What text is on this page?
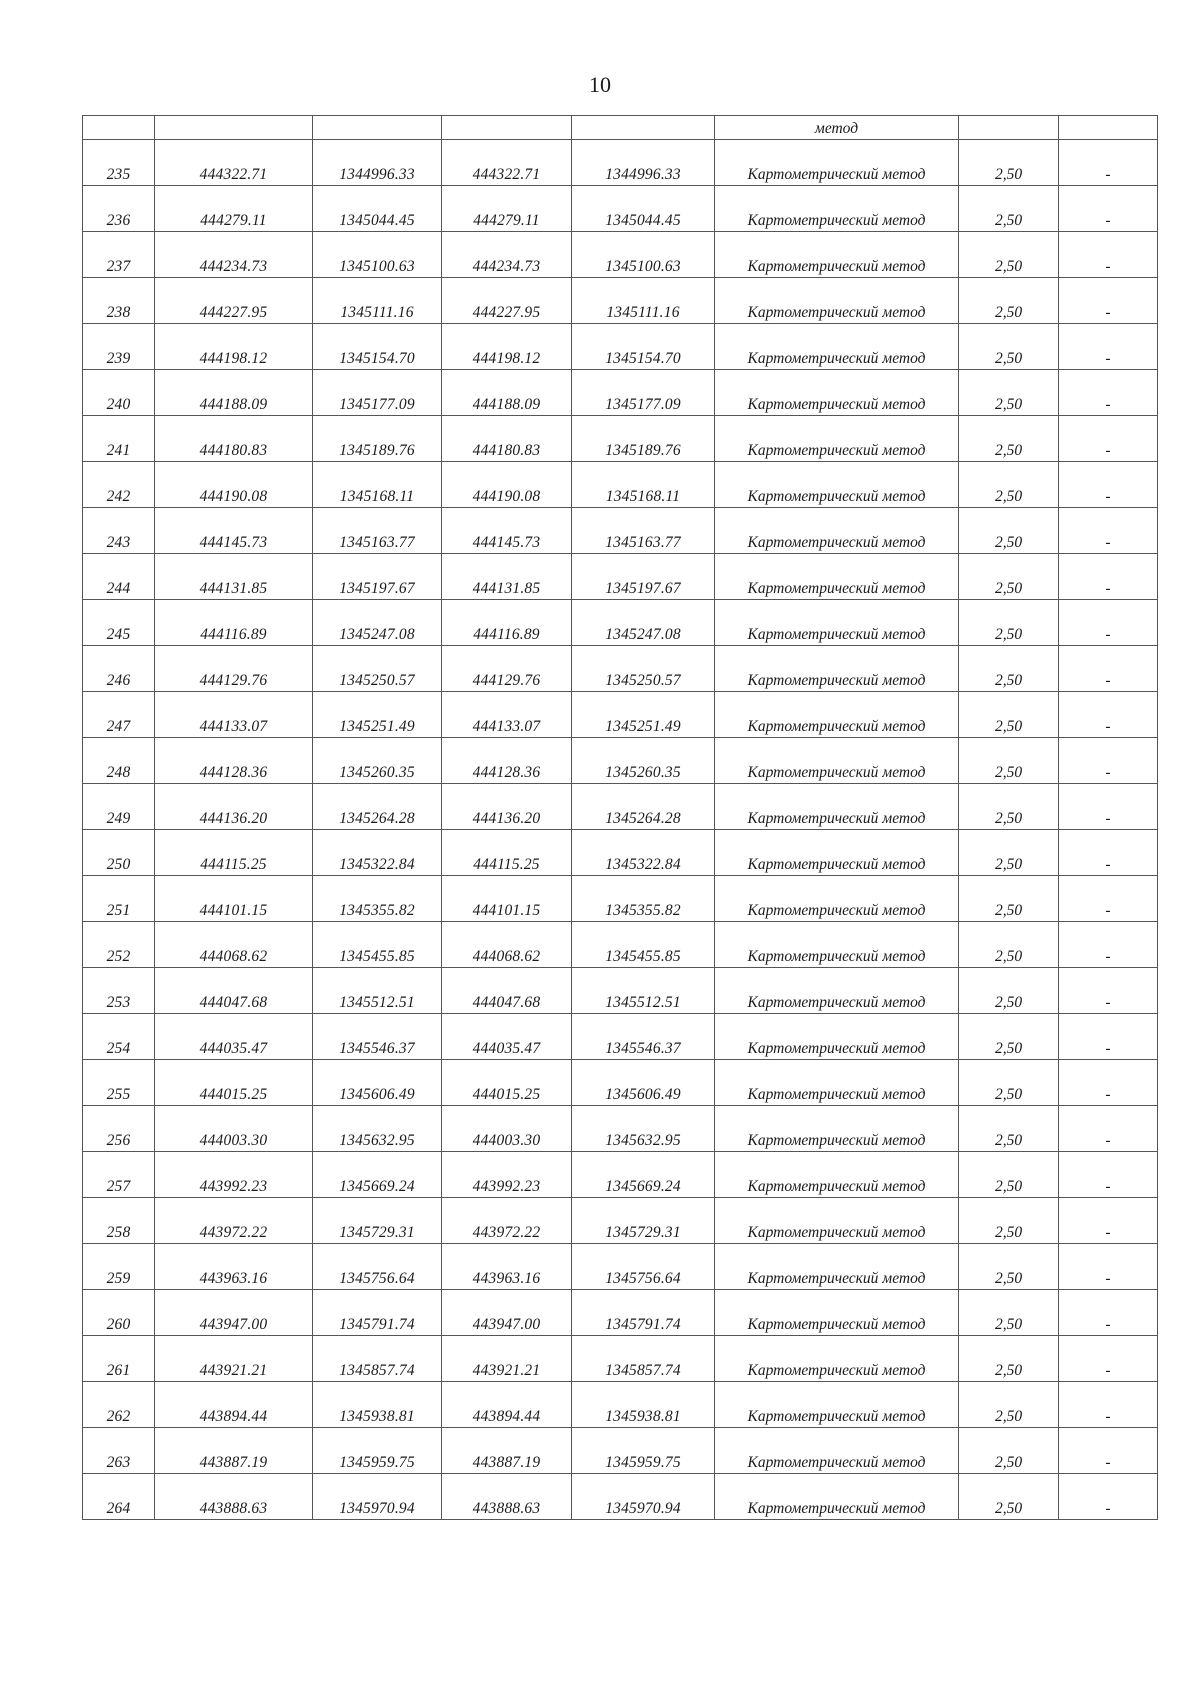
10
					метод		
235	444322.71	1344996.33	444322.71	1344996.33	Картометрический метод	2,50	-
236	444279.11	1345044.45	444279.11	1345044.45	Картометрический метод	2,50	-
237	444234.73	1345100.63	444234.73	1345100.63	Картометрический метод	2,50	-
238	444227.95	1345111.16	444227.95	1345111.16	Картометрический метод	2,50	-
239	444198.12	1345154.70	444198.12	1345154.70	Картометрический метод	2,50	-
240	444188.09	1345177.09	444188.09	1345177.09	Картометрический метод	2,50	-
241	444180.83	1345189.76	444180.83	1345189.76	Картометрический метод	2,50	-
242	444190.08	1345168.11	444190.08	1345168.11	Картометрический метод	2,50	-
243	444145.73	1345163.77	444145.73	1345163.77	Картометрический метод	2,50	-
244	444131.85	1345197.67	444131.85	1345197.67	Картометрический метод	2,50	-
245	444116.89	1345247.08	444116.89	1345247.08	Картометрический метод	2,50	-
246	444129.76	1345250.57	444129.76	1345250.57	Картометрический метод	2,50	-
247	444133.07	1345251.49	444133.07	1345251.49	Картометрический метод	2,50	-
248	444128.36	1345260.35	444128.36	1345260.35	Картометрический метод	2,50	-
249	444136.20	1345264.28	444136.20	1345264.28	Картометрический метод	2,50	-
250	444115.25	1345322.84	444115.25	1345322.84	Картометрический метод	2,50	-
251	444101.15	1345355.82	444101.15	1345355.82	Картометрический метод	2,50	-
252	444068.62	1345455.85	444068.62	1345455.85	Картометрический метод	2,50	-
253	444047.68	1345512.51	444047.68	1345512.51	Картометрический метод	2,50	-
254	444035.47	1345546.37	444035.47	1345546.37	Картометрический метод	2,50	-
255	444015.25	1345606.49	444015.25	1345606.49	Картометрический метод	2,50	-
256	444003.30	1345632.95	444003.30	1345632.95	Картометрический метод	2,50	-
257	443992.23	1345669.24	443992.23	1345669.24	Картометрический метод	2,50	-
258	443972.22	1345729.31	443972.22	1345729.31	Картометрический метод	2,50	-
259	443963.16	1345756.64	443963.16	1345756.64	Картометрический метод	2,50	-
260	443947.00	1345791.74	443947.00	1345791.74	Картометрический метод	2,50	-
261	443921.21	1345857.74	443921.21	1345857.74	Картометрический метод	2,50	-
262	443894.44	1345938.81	443894.44	1345938.81	Картометрический метод	2,50	-
263	443887.19	1345959.75	443887.19	1345959.75	Картометрический метод	2,50	-
264	443888.63	1345970.94	443888.63	1345970.94	Картометрический метод	2,50	-
